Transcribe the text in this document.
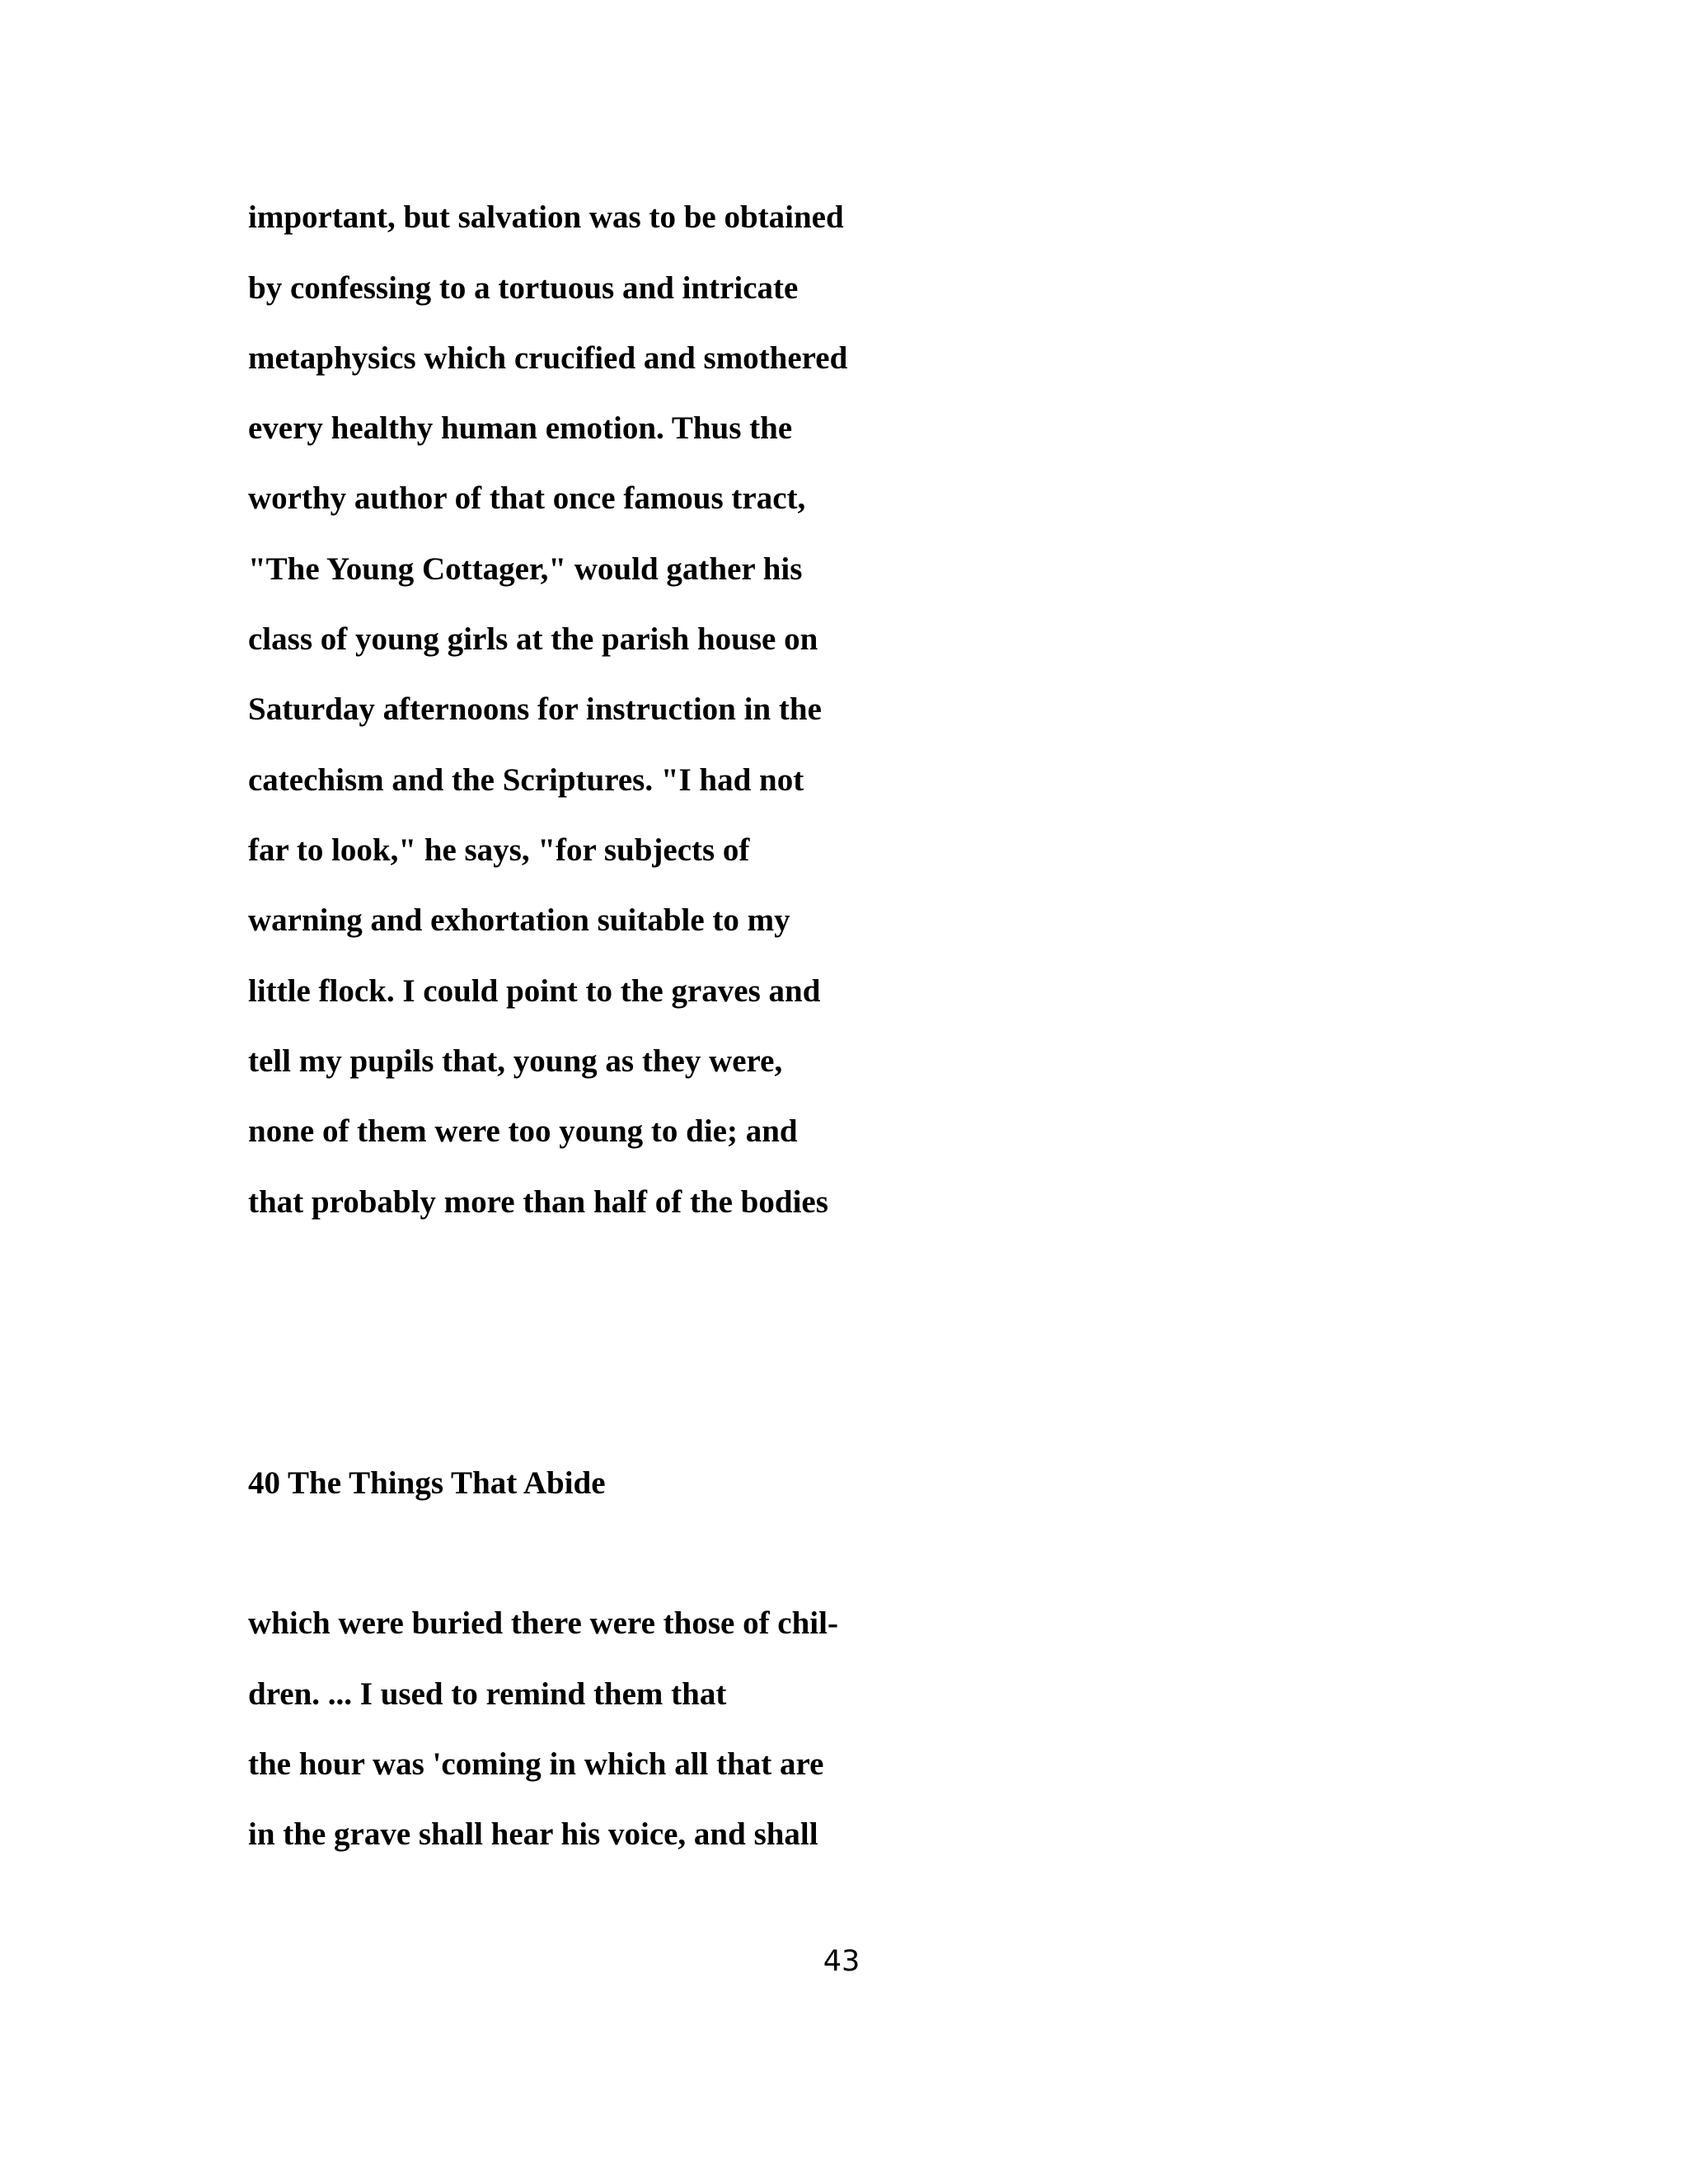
important, but salvation was to be obtained

by confessing to a tortuous and intricate

metaphysics which crucified and smothered

every healthy human emotion. Thus the

worthy author of that once famous tract,

"The Young Cottager," would gather his

class of young girls at the parish house on

Saturday afternoons for instruction in the

catechism and the Scriptures. "I had not

far to look," he says, "for subjects of

warning and exhortation suitable to my

little flock. I could point to the graves and

tell my pupils that, young as they were,

none of them were too young to die; and

that probably more than half of the bodies

40 The Things That Abide

which were buried there were those of chil-

dren. ... I used to remind them that

the hour was 'coming in which all that are

in the grave shall hear his voice, and shall

43
